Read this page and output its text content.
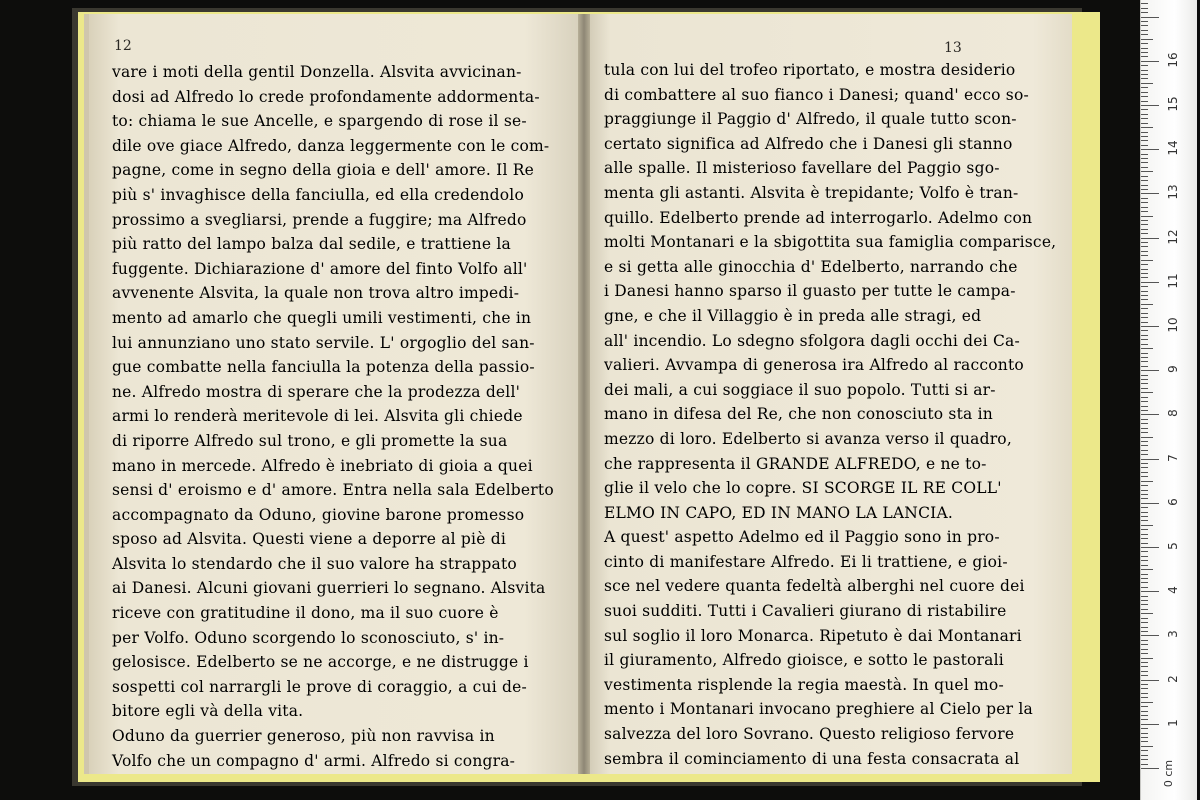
12	13
vare i moti della gentil Donzella. Alsvita avvicinan-
dosi ad Alfredo lo crede profondamente addormenta-
to: chiama le sue Ancelle, e spargendo di rose il se-
dile ove giace Alfredo, danza leggermente con le com-
pagne, come in segno della gioia e dell' amore. Il Re
più s' invaghisce della fanciulla, ed ella credendolo
prossimo a svegliarsi, prende a fuggire; ma Alfredo
più ratto del lampo balza dal sedile, e trattiene la
fuggente. Dichiarazione d' amore del finto Volfo all'
avvenente Alsvita, la quale non trova altro impedi-
mento ad amarlo che quegli umili vestimenti, che in
lui annunziano uno stato servile. L' orgoglio del san-
gue combatte nella fanciulla la potenza della passio-
ne. Alfredo mostra di sperare che la prodezza dell'
armi lo renderà meritevole di lei. Alsvita gli chiede
di riporre Alfredo sul trono, e gli promette la sua
mano in mercede. Alfredo è inebriato di gioia a quei
sensi d' eroismo e d' amore. Entra nella sala Edelberto
accompagnato da Oduno, giovine barone promesso
sposo ad Alsvita. Questi viene a deporre al piè di
Alsvita lo stendardo che il suo valore ha strappato
ai Danesi. Alcuni giovani guerrieri lo segnano. Alsvita
riceve con gratitudine il dono, ma il suo cuore è
per Volfo. Oduno scorgendo lo sconosciuto, s' in-
gelosisce. Edelberto se ne accorge, e ne distrugge i
sospetti col narrargli le prove di coraggio, a cui de-
bitore egli và della vita.
Oduno da guerrier generoso, più non ravvisa in
Volfo che un compagno d' armi. Alfredo si congra-
tula con lui del trofeo riportato, e mostra desiderio
di combattere al suo fianco i Danesi; quand' ecco so-
praggiunge il Paggio d' Alfredo, il quale tutto scon-
certato significa ad Alfredo che i Danesi gli stanno
alle spalle. Il misterioso favellare del Paggio sgo-
menta gli astanti. Alsvita è trepidante; Volfo è tran-
quillo. Edelberto prende ad interrogarlo. Adelmo con
molti Montanari e la sbigottita sua famiglia comparisce,
e si getta alle ginocchia d' Edelberto, narrando che
i Danesi hanno sparso il guasto per tutte le campa-
gne, e che il Villaggio è in preda alle stragi, ed
all' incendio. Lo sdegno sfolgora dagli occhi dei Ca-
valieri. Avvampa di generosa ira Alfredo al racconto
dei mali, a cui soggiace il suo popolo. Tutti si ar-
mano in difesa del Re, che non conosciuto sta in
mezzo di loro. Edelberto si avanza verso il quadro,
che rappresenta il GRANDE ALFREDO, e ne to-
glie il velo che lo copre. SI SCORGE IL RE COLL'
ELMO IN CAPO, ED IN MANO LA LANCIA.
A quest' aspetto Adelmo ed il Paggio sono in pro-
cinto di manifestare Alfredo. Ei li trattiene, e gioi-
sce nel vedere quanta fedeltà alberghi nel cuore dei
suoi sudditi. Tutti i Cavalieri giurano di ristabilire
sul soglio il loro Monarca. Ripetuto è dai Montanari
il giuramento, Alfredo gioisce, e sotto le pastorali
vestimenta risplende la regia maestà. In quel mo-
mento i Montanari invocano preghiere al Cielo per la
salvezza del loro Sovrano. Questo religioso fervore
sembra il cominciamento di una festa consacrata al
0 cm
1
2
3
4
5
6
7
8
9
10
11
12
13
14
15
16
